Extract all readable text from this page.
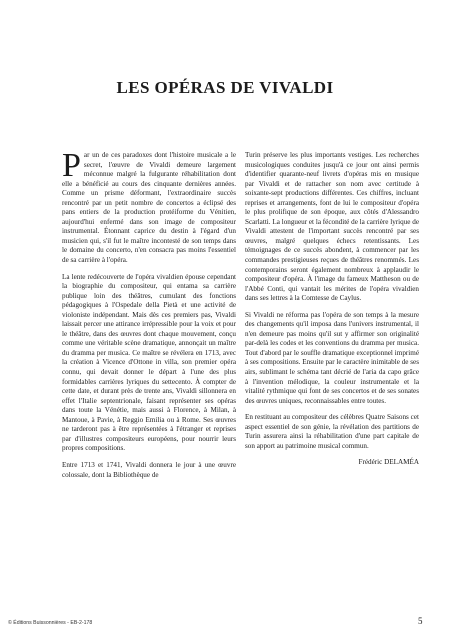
LES OPÉRAS DE VIVALDI

Par un de ces paradoxes dont l'histoire musicale a le secret, l'œuvre de Vivaldi demeure largement méconnue malgré la fulgurante réhabilitation dont elle a bénéficié au cours des cinquante dernières années. Comme un prisme déformant, l'extraordinaire succès rencontré par un petit nombre de concertos a éclipsé des pans entiers de la production protéiforme du Vénitien, aujourd'hui enfermé dans son image de compositeur instrumental. Étonnant caprice du destin à l'égard d'un musicien qui, s'il fut le maître incontesté de son temps dans le domaine du concerto, n'en consacra pas moins l'essentiel de sa carrière à l'opéra.

La lente redécouverte de l'opéra vivaldien épouse cependant la biographie du compositeur, qui entama sa carrière publique loin des théâtres, cumulant des fonctions pédagogiques à l'Ospedale della Pietà et une activité de violoniste indépendant. Mais dès ces premiers pas, Vivaldi laissait percer une attirance irrépressible pour la voix et pour le théâtre, dans des œuvres dont chaque mouvement, conçu comme une véritable scène dramatique, annonçait un maître du dramma per musica. Ce maître se révélera en 1713, avec la création à Vicence d'Ottone in villa, son premier opéra connu, qui devait donner le départ à l'une des plus formidables carrières lyriques du settecento. À compter de cette date, et durant près de trente ans, Vivaldi sillonnera en effet l'Italie septentrionale, faisant représenter ses opéras dans toute la Vénétie, mais aussi à Florence, à Milan, à Mantoue, à Pavie, à Reggio Emilia ou à Rome. Ses œuvres ne tarderont pas à être représentées à l'étranger et reprises par d'illustres compositeurs européens, pour nourrir leurs propres compositions.

Entre 1713 et 1741, Vivaldi donnera le jour à une œuvre colossale, dont la Bibliothèque de

Turin préserve les plus importants vestiges. Les recherches musicologiques conduites jusqu'à ce jour ont ainsi permis d'identifier quarante-neuf livrets d'opéras mis en musique par Vivaldi et de rattacher son nom avec certitude à soixante-sept productions différentes. Ces chiffres, incluant reprises et arrangements, font de lui le compositeur d'opéra le plus prolifique de son époque, aux côtés d'Alessandro Scarlatti. La longueur et la fécondité de la carrière lyrique de Vivaldi attestent de l'important succès rencontré par ses œuvres, malgré quelques échecs retentissants. Les témoignages de ce succès abondent, à commencer par les commandes prestigieuses reçues de théâtres renommés. Les contemporains seront également nombreux à applaudir le compositeur d'opéra. À l'image du fameux Mattheson ou de l'Abbé Conti, qui vantait les mérites de l'opéra vivaldien dans ses lettres à la Comtesse de Caylus.

Si Vivaldi ne réforma pas l'opéra de son temps à la mesure des changements qu'il imposa dans l'univers instrumental, il n'en demeure pas moins qu'il sut y affirmer son originalité par-delà les codes et les conventions du dramma per musica. Tout d'abord par le souffle dramatique exceptionnel imprimé à ses compositions. Ensuite par le caractère inimitable de ses airs, sublimant le schéma tant décrié de l'aria da capo grâce à l'invention mélodique, la couleur instrumentale et la vitalité rythmique qui font de ses concertos et de ses sonates des œuvres uniques, reconnaissables entre toutes.

En restituant au compositeur des célèbres Quatre Saisons cet aspect essentiel de son génie, la révélation des partitions de Turin assurera ainsi la réhabilitation d'une part capitale de son apport au patrimoine musical commun.

Frédéric DELAMÉA

© Éditions Buissonnières - EB-2-178	5
